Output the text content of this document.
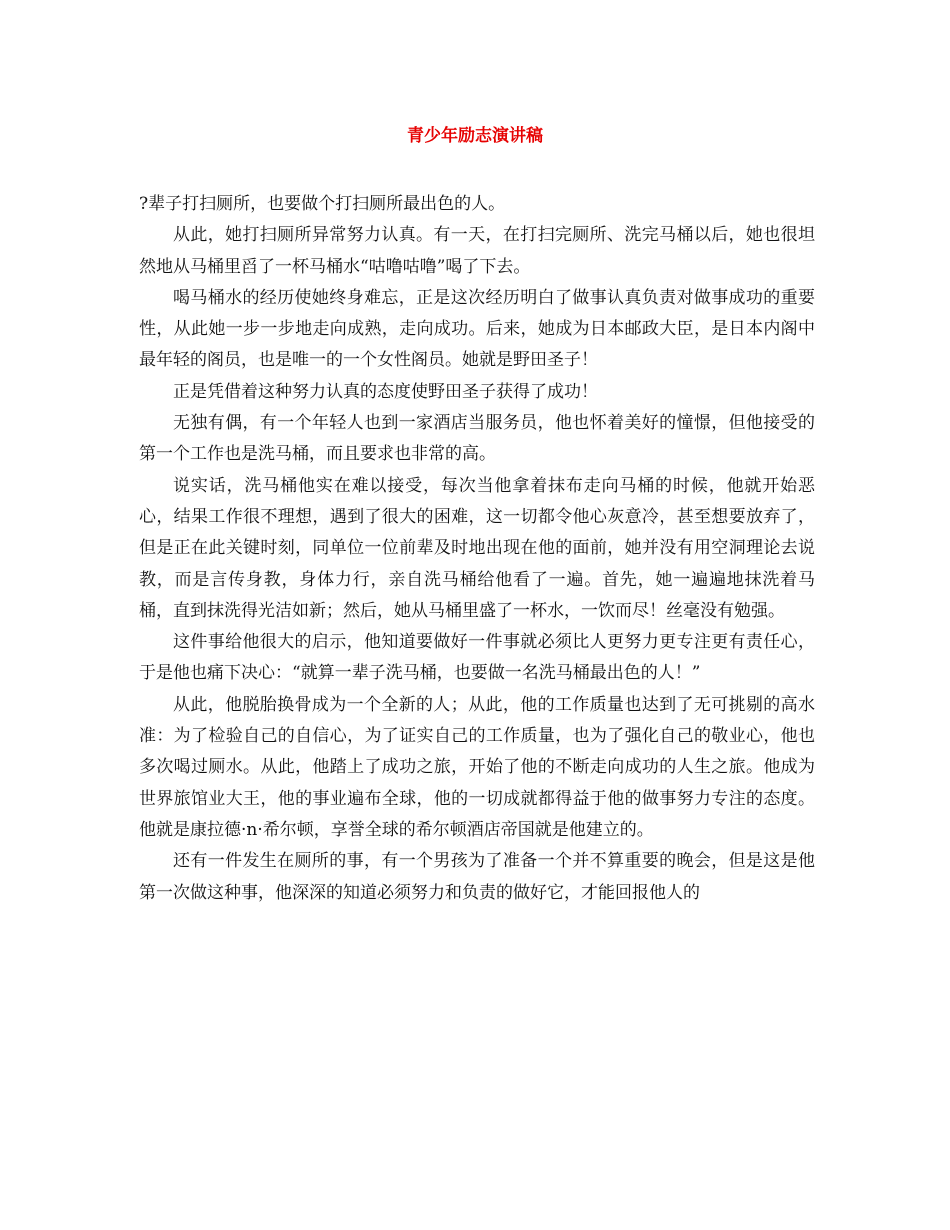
青少年励志演讲稿

?辈子打扫厕所，也要做个打扫厕所最出色的人。

从此，她打扫厕所异常努力认真。有一天，在打扫完厕所、洗完马桶以后，她也很坦然地从马桶里舀了一杯马桶水“咕噜咕噜”喝了下去。

喝马桶水的经历使她终身难忘，正是这次经历明白了做事认真负责对做事成功的重要性，从此她一步一步地走向成熟，走向成功。后来，她成为日本邮政大臣，是日本内阁中最年轻的阁员，也是唯一的一个女性阁员。她就是野田圣子！

正是凭借着这种努力认真的态度使野田圣子获得了成功！

无独有偶，有一个年轻人也到一家酒店当服务员，他也怀着美好的憧憬，但他接受的第一个工作也是洗马桶，而且要求也非常的高。

说实话，洗马桶他实在难以接受，每次当他拿着抹布走向马桶的时候，他就开始恶心，结果工作很不理想，遇到了很大的困难，这一切都令他心灰意冷，甚至想要放弃了，但是正在此关键时刻，同单位一位前辈及时地出现在他的面前，她并没有用空洞理论去说教，而是言传身教，身体力行，亲自洗马桶给他看了一遍。首先，她一遍遍地抹洗着马桶，直到抹洗得光洁如新；然后，她从马桶里盛了一杯水，一饮而尽！丝毫没有勉强。

这件事给他很大的启示，他知道要做好一件事就必须比人更努力更专注更有责任心，于是他也痛下决心：“就算一辈子洗马桶，也要做一名洗马桶最出色的人！”

从此，他脱胎换骨成为一个全新的人；从此，他的工作质量也达到了无可挑剔的高水准：为了检验自己的自信心，为了证实自己的工作质量，也为了强化自己的敬业心，他也多次喝过厕水。从此，他踏上了成功之旅，开始了他的不断走向成功的人生之旅。他成为世界旅馆业大王，他的事业遍布全球，他的一切成就都得益于他的做事努力专注的态度。他就是康拉德·n·希尔顿，享誉全球的希尔顿酒店帝国就是他建立的。

还有一件发生在厕所的事，有一个男孩为了准备一个并不算重要的晚会，但是这是他第一次做这种事，他深深的知道必须努力和负责的做好它，才能回报他人的
